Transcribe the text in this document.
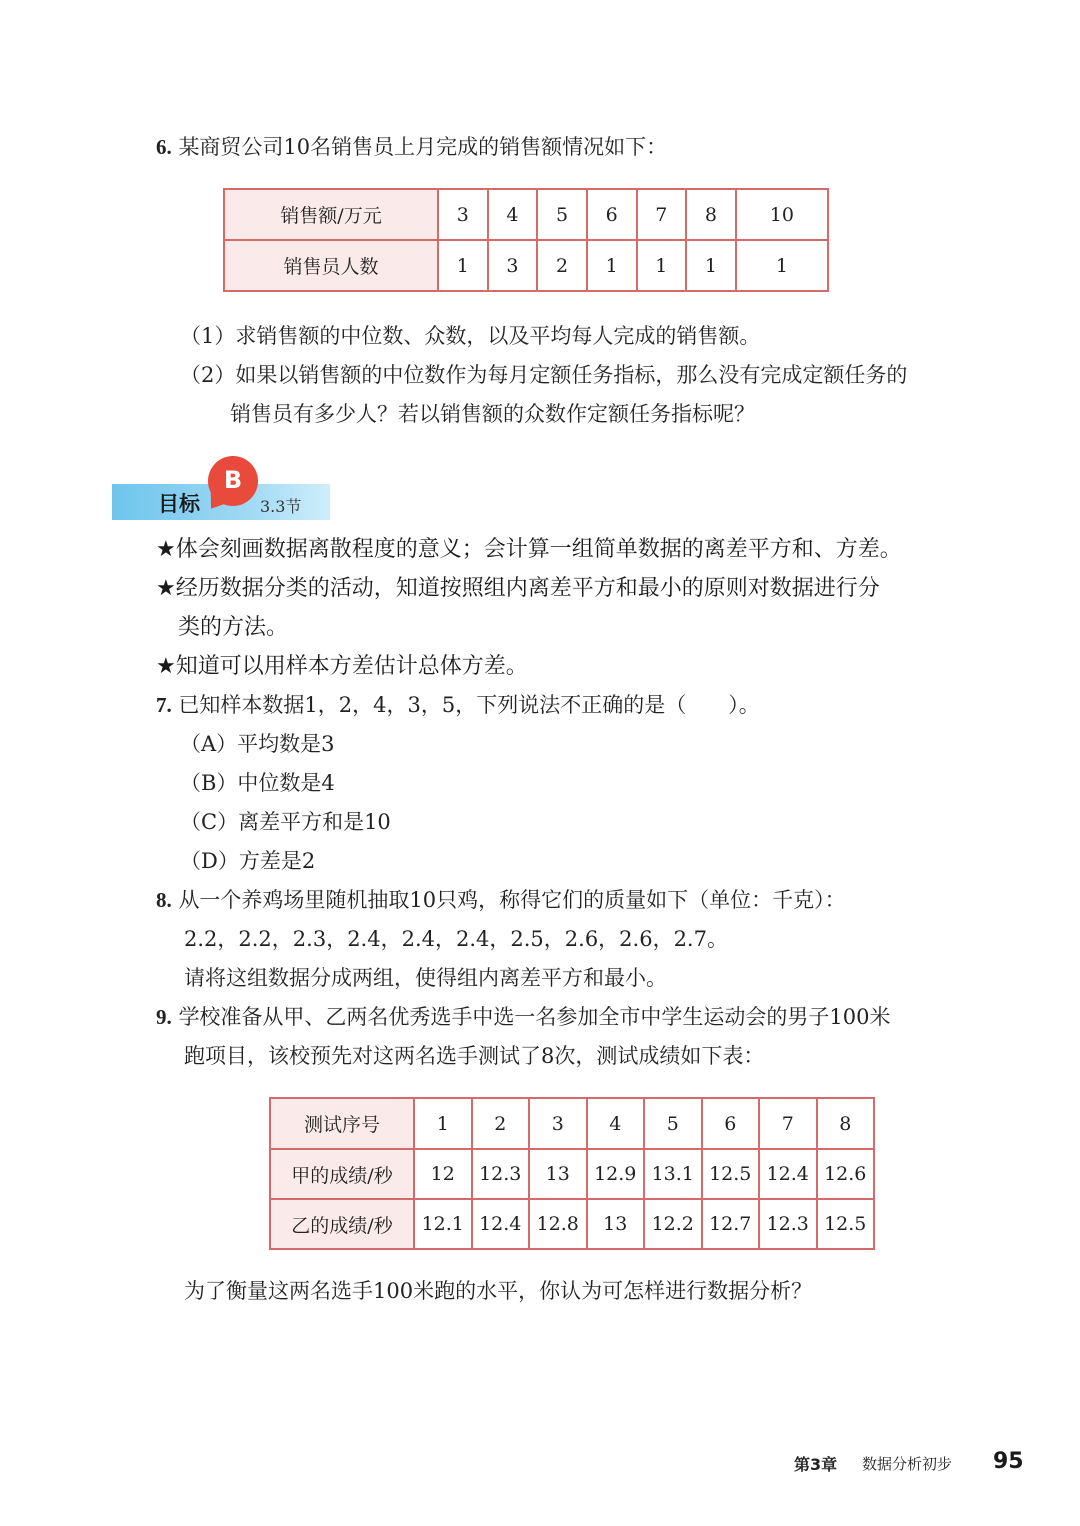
6. 某商贸公司10名销售员上月完成的销售额情况如下：
销售额/万元	3	4	5	6	7	8	10
销售员人数	1	3	2	1	1	1	1
（1）求销售额的中位数、众数，以及平均每人完成的销售额。
（2）如果以销售额的中位数作为每月定额任务指标，那么没有完成定额任务的
销售员有多少人？若以销售额的众数作定额任务指标呢？
目标
B
3.3节
★体会刻画数据离散程度的意义；会计算一组简单数据的离差平方和、方差。
★经历数据分类的活动，知道按照组内离差平方和最小的原则对数据进行分
类的方法。
★知道可以用样本方差估计总体方差。
7. 已知样本数据1，2，4，3，5，下列说法不正确的是（　　）。
（A）平均数是3
（B）中位数是4
（C）离差平方和是10
（D）方差是2
8. 从一个养鸡场里随机抽取10只鸡，称得它们的质量如下（单位：千克）：
2.2，2.2，2.3，2.4，2.4，2.4，2.5，2.6，2.6，2.7。
请将这组数据分成两组，使得组内离差平方和最小。
9. 学校准备从甲、乙两名优秀选手中选一名参加全市中学生运动会的男子100米
跑项目，该校预先对这两名选手测试了8次，测试成绩如下表：
测试序号	1	2	3	4	5	6	7	8
甲的成绩/秒	12	12.3	13	12.9	13.1	12.5	12.4	12.6
乙的成绩/秒	12.1	12.4	12.8	13	12.2	12.7	12.3	12.5
为了衡量这两名选手100米跑的水平，你认为可怎样进行数据分析？
第3章 数据分析初步 95
